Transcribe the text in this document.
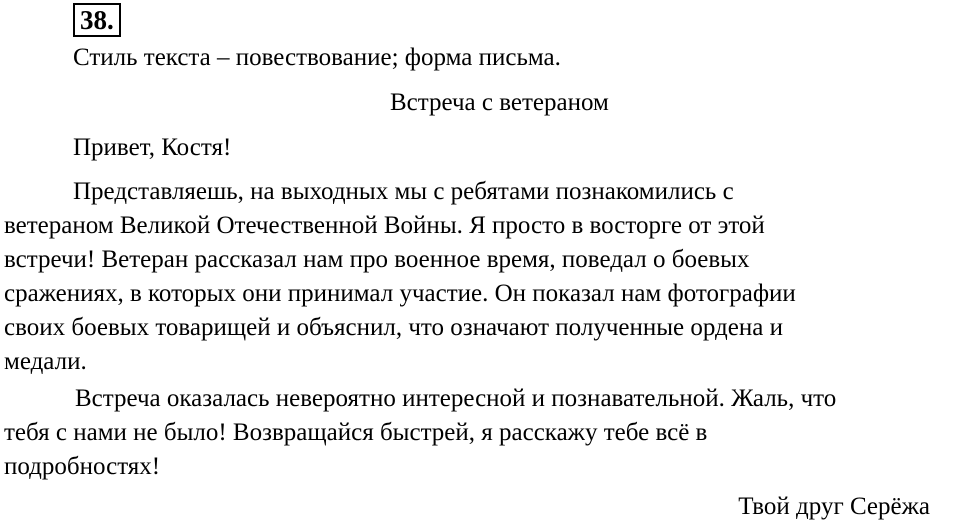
38.

Стиль текста – повествование; форма письма.

Встреча с ветераном

Привет, Костя!

Представляешь, на выходных мы с ребятами познакомились с
ветераном Великой Отечественной Войны. Я просто в восторге от этой
встречи! Ветеран рассказал нам про военное время, поведал о боевых
сражениях, в которых они принимал участие. Он показал нам фотографии
своих боевых товарищей и объяснил, что означают полученные ордена и
медали.
Встреча оказалась невероятно интересной и познавательной. Жаль, что
тебя с нами не было! Возвращайся быстрей, я расскажу тебе всё в
подробностях!

Твой друг Серёжа
